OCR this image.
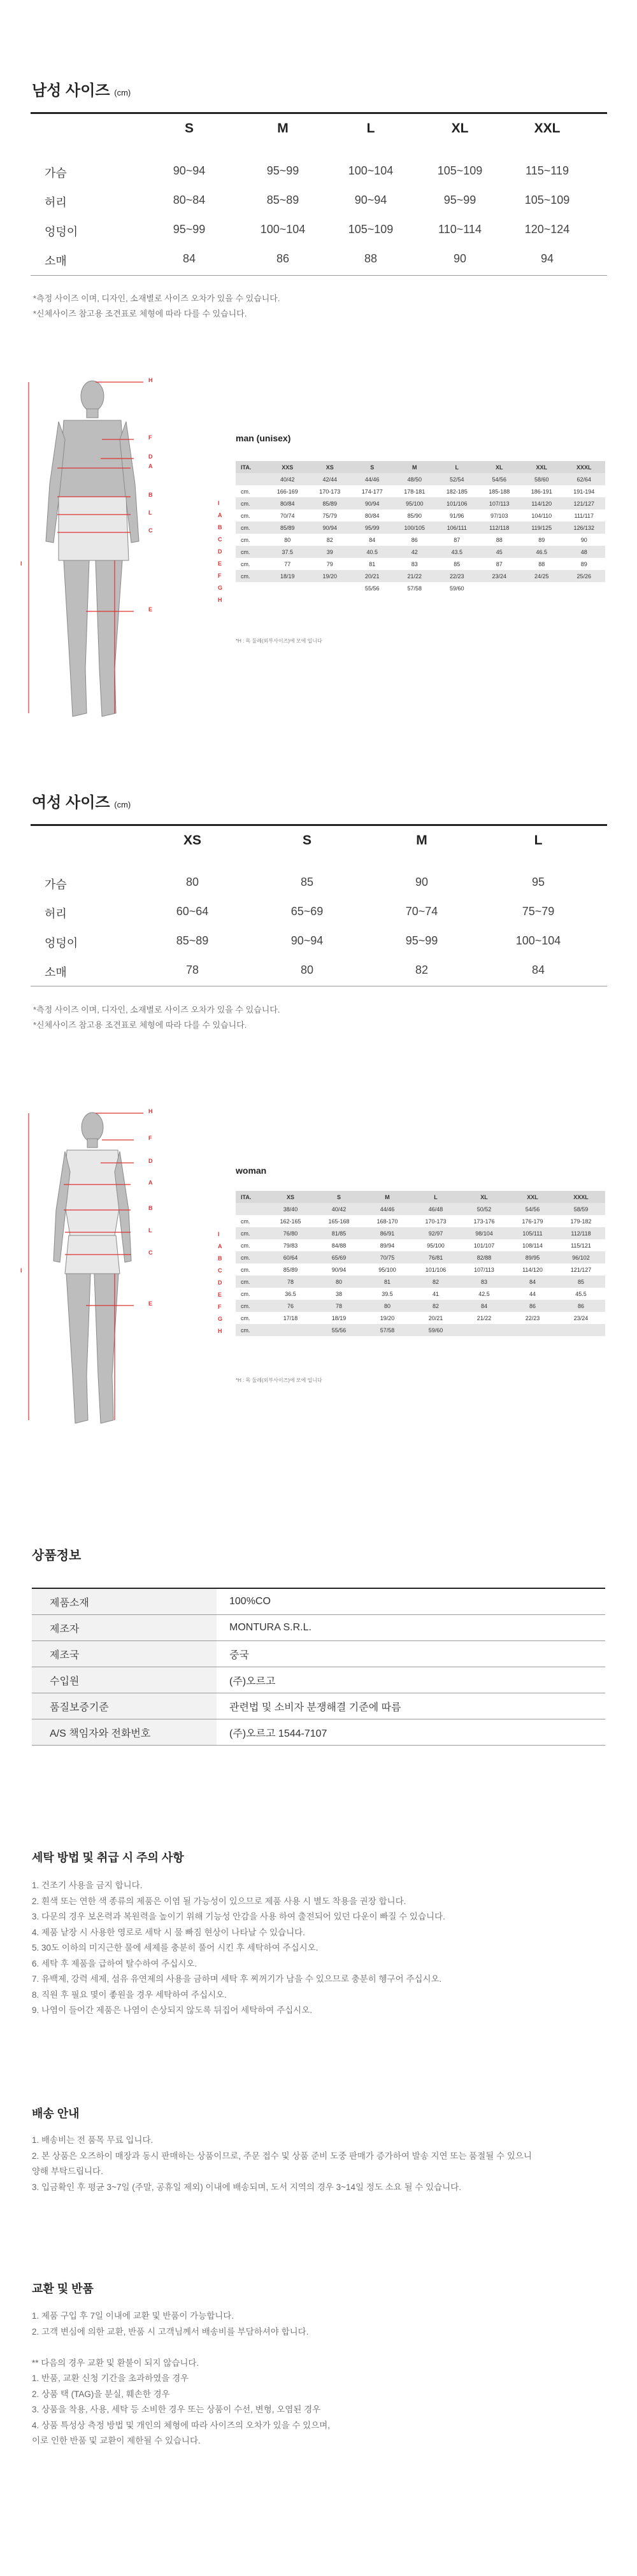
남성 사이즈 (cm)
S	M	L	XL	XXL
가슴	90~94	95~99	100~104	105~109	115~119
허리	80~84	85~89	90~94	95~99	105~109
엉덩이	95~99	100~104	105~109	110~114	120~124
소매	84	86	88	90	94
*측정 사이즈 이며, 디자인, 소재별로 사이즈 오차가 있을 수 있습니다.
*신체사이즈 참고용 조견표로 체형에 따라 다를 수 있습니다.
H
F
D
A
B
L
C
E
I
man (unisex)
I
A
B
C
D
E
F
G
H
ITA.	XXS	XS	S	M	L	XL	XXL	XXXL
	40/42	42/44	44/46	48/50	52/54	54/56	58/60	62/64
cm.	166-169	170-173	174-177	178-181	182-185	185-188	186-191	191-194
cm.	80/84	85/89	90/94	95/100	101/106	107/113	114/120	121/127
cm.	70/74	75/79	80/84	85/90	91/96	97/103	104/110	111/117
cm.	85/89	90/94	95/99	100/105	106/111	112/118	119/125	126/132
cm.	80	82	84	86	87	88	89	90
cm.	37.5	39	40.5	42	43.5	45	46.5	48
cm.	77	79	81	83	85	87	88	89
cm.	18/19	19/20	20/21	21/22	22/23	23/24	24/25	25/26
			55/56	57/58	59/60			
*H : 목 둘레(외부사이즈)에 모에 입니다
여성 사이즈 (cm)
XS	S	M	L
가슴	80	85	90	95
허리	60~64	65~69	70~74	75~79
엉덩이	85~89	90~94	95~99	100~104
소매	78	80	82	84
*측정 사이즈 이며, 디자인, 소재별로 사이즈 오차가 있을 수 있습니다.
*신체사이즈 참고용 조견표로 체형에 따라 다를 수 있습니다.
H
F
D
A
B
L
C
E
I
woman
I
A
B
C
D
E
F
G
H
ITA.	XS	S	M	L	XL	XXL	XXXL
	38/40	40/42	44/46	46/48	50/52	54/56	58/59
cm.	162-165	165-168	168-170	170-173	173-176	176-179	179-182
cm.	76/80	81/85	86/91	92/97	98/104	105/111	112/118
cm.	79/83	84/88	89/94	95/100	101/107	108/114	115/121
cm.	60/64	65/69	70/75	76/81	82/88	89/95	96/102
cm.	85/89	90/94	95/100	101/106	107/113	114/120	121/127
cm.	78	80	81	82	83	84	85
cm.	36.5	38	39.5	41	42.5	44	45.5
cm.	76	78	80	82	84	86	86
cm.	17/18	18/19	19/20	20/21	21/22	22/23	23/24
cm.		55/56	57/58	59/60			
*H : 목 둘레(외부사이즈)에 모에 입니다
상품정보
제품소재	100%CO
제조자	MONTURA S.R.L.
제조국	중국
수입원	(주)오르고
품질보증기준	관련법 및 소비자 분쟁해결 기준에 따름
A/S 책임자와 전화번호	(주)오르고 1544-7107
세탁 방법 및 취급 시 주의 사항
1. 건조기 사용을 금지 합니다.
2. 흰색 또는 연한 색 종류의 제품은 이염 될 가능성이 있으므로 제품 사용 시 별도 착용을 권장 합니다.
3. 다문의 경우 보온력과 복원력을 높이기 위해 기능성 안감을 사용 하여 출전되어 있던 다운이 빠질 수 있습니다.
4. 제품 낱장 시 사용한 영로로 세탁 시 물 빠짐 현상이 나타날 수 있습니다.
5. 30도 이하의 미지근한 물에 세제를 충분히 풀어 시킨 후 세탁하여 주십시오.
6. 세탁 후 제품을 급하여 탈수하여 주십시오.
7. 유백제, 강력 세제, 섬유 유연제의 사용을 금하며 세탁 후 찌꺼기가 남을 수 있으므로 충분히 헹구어 주십시오.
8. 직원 후 필요 몇이 좋원을 경우 세탁하여 주십시오.
9. 나염이 들어간 제품은 나염이 손상되지 않도록 뒤집어 세탁하여 주십시오.
배송 안내
1. 배송비는 전 품목 무료 입니다.
2. 본 상품은 오즈하이 매장과 동시 판매하는 상품이므로, 주문 접수 및 상품 준비 도중 판매가 증가하여 발송 지연 또는 품절될 수 있으니
양해 부탁드립니다.
3. 입금확인 후 평균 3~7일 (주말, 공휴일 제외) 이내에 배송되며, 도서 지역의 경우 3~14일 정도 소요 될 수 있습니다.
교환 및 반품
1. 제품 구입 후 7일 이내에 교환 및 반품이 가능합니다.
2. 고객 변심에 의한 교환, 반품 시 고객님께서 배송비를 부담하셔야 합니다.
** 다음의 경우 교환 및 환불이 되지 않습니다.
1. 반품, 교환 신청 기간을 초과하였을 경우
2. 상품 택 (TAG)을 분실, 훼손한 경우
3. 상품을 착용, 사용, 세탁 등 소비한 경우 또는 상품이 수선, 변형, 오염된 경우
4. 상품 특성상 측정 방법 및 개인의 체형에 따라 사이즈의 오차가 있을 수 있으며,
이로 인한 반품 및 교환이 제한될 수 있습니다.
